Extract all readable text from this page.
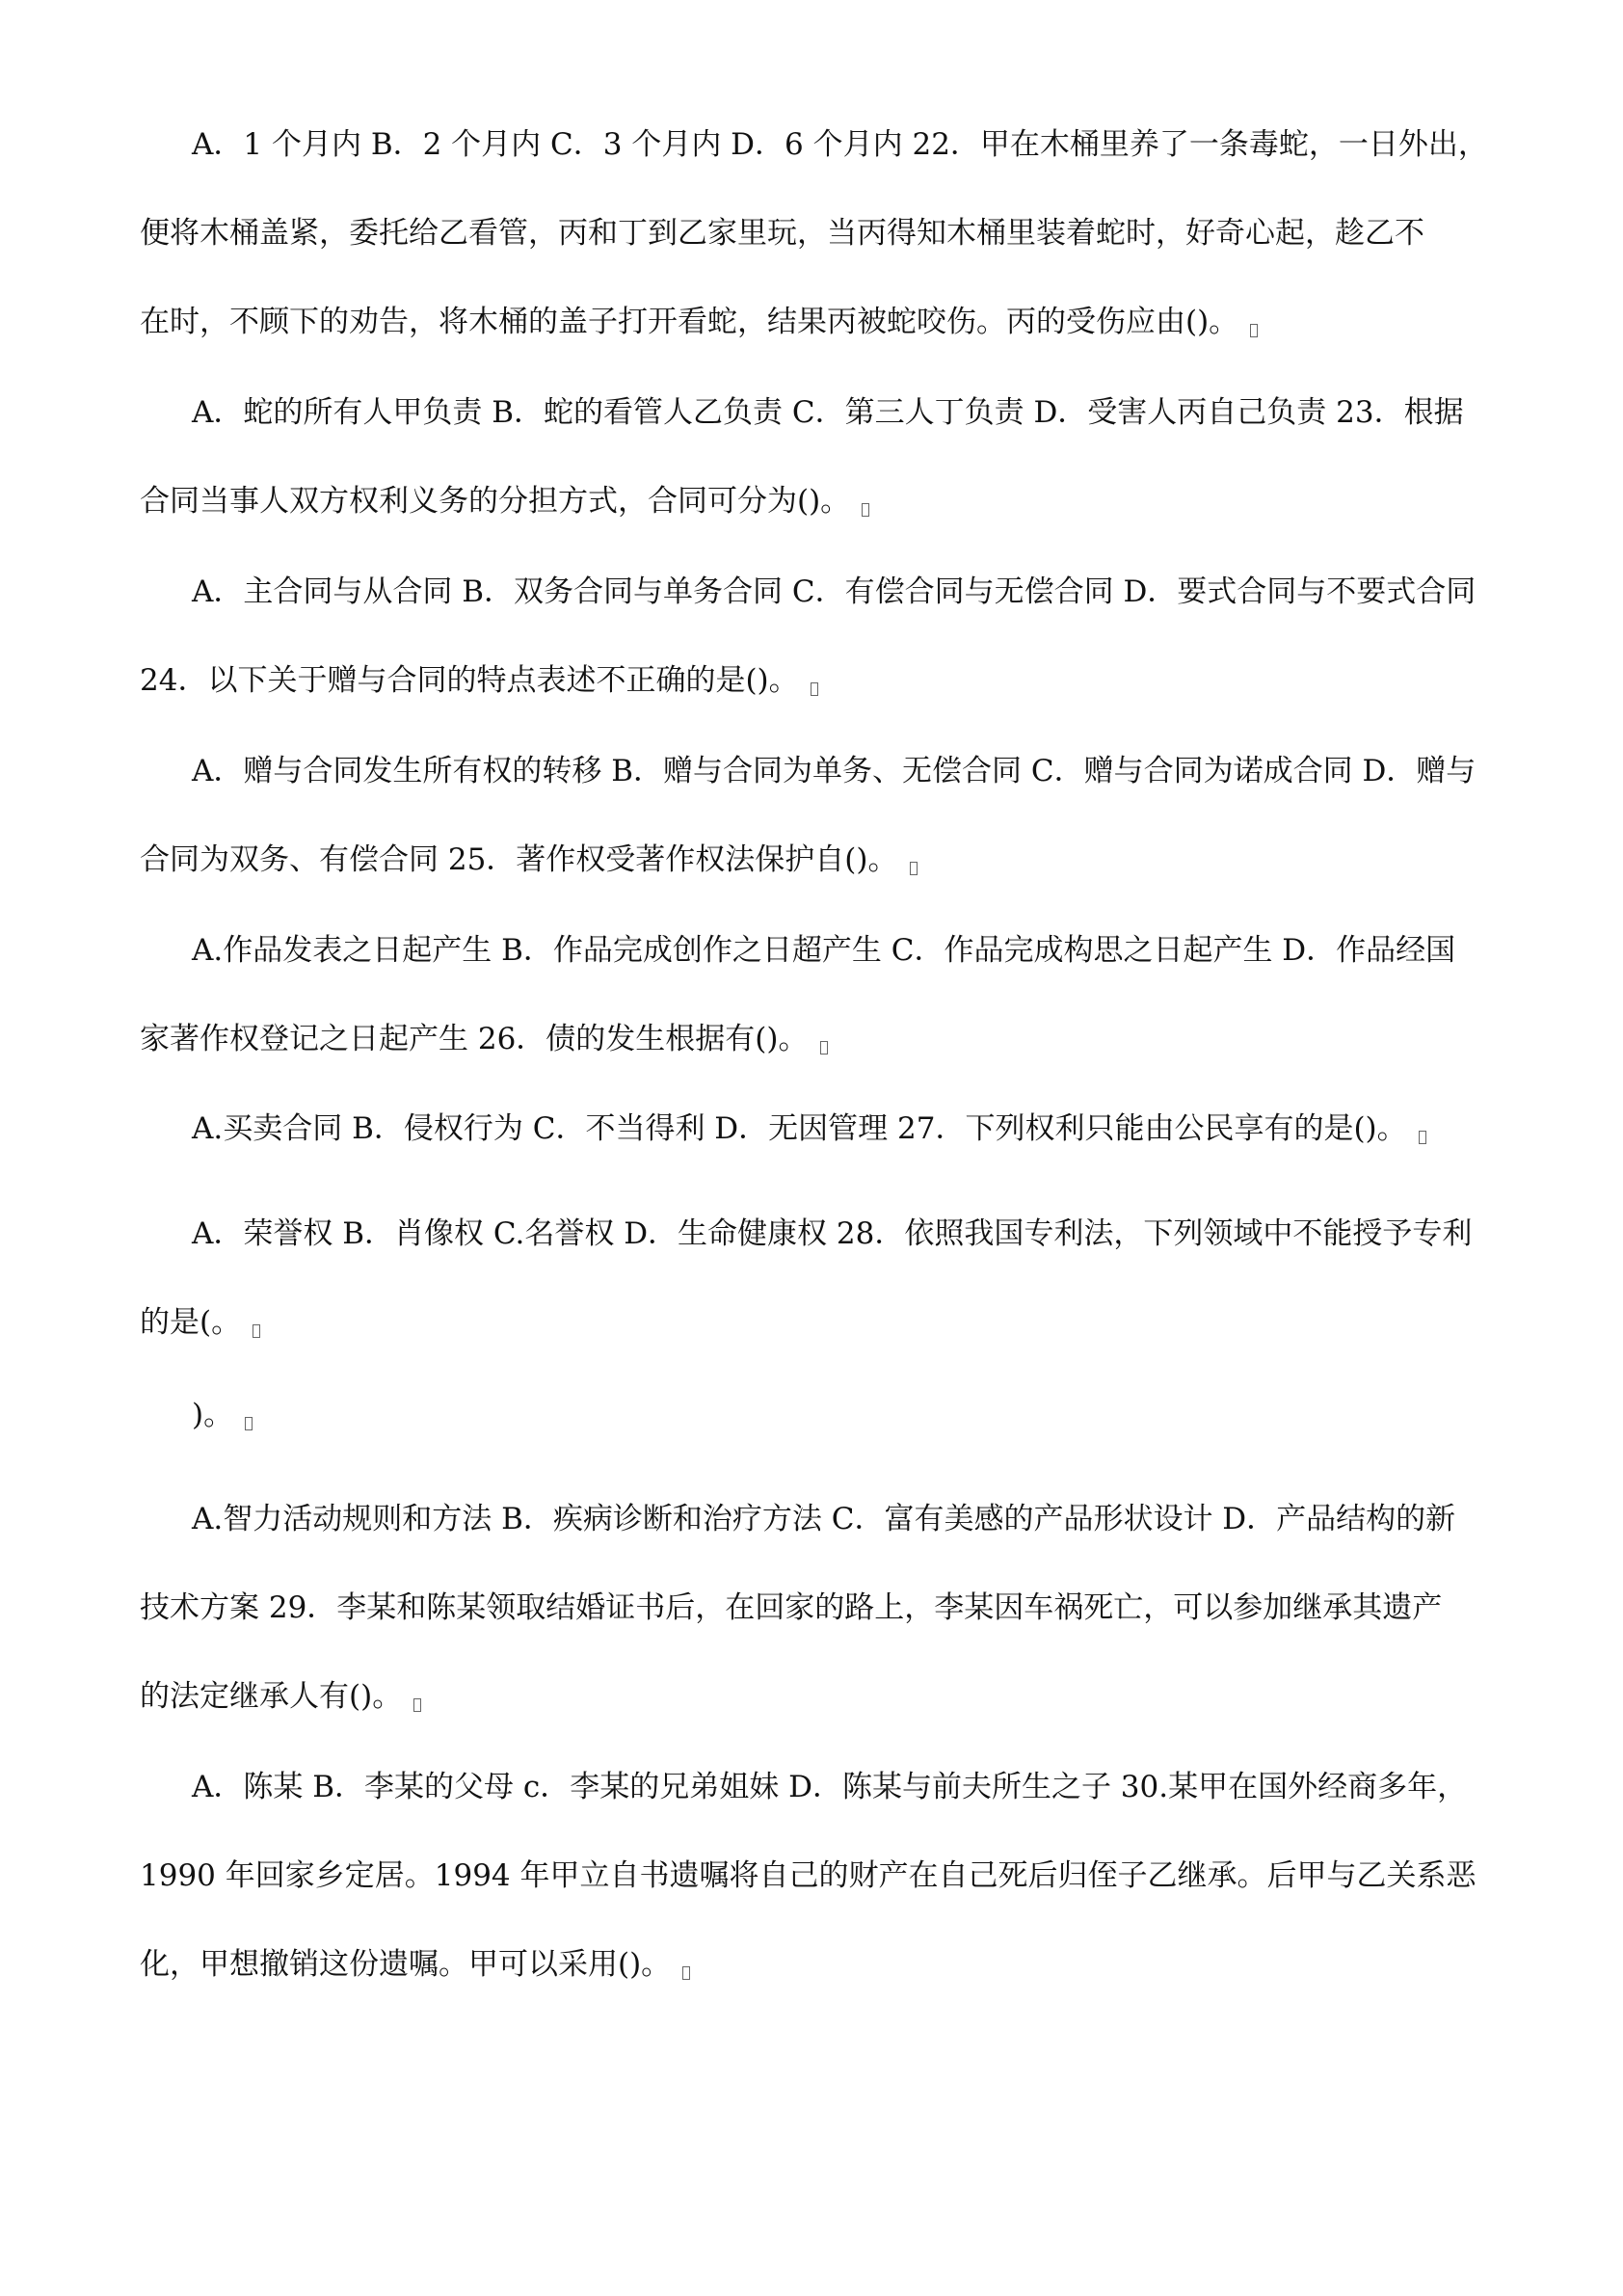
A．1 个月内 B．2 个月内 C．3 个月内 D．6 个月内 22．甲在木桶里养了一条毒蛇，一日外出，
便将木桶盖紧，委托给乙看管，丙和丁到乙家里玩，当丙得知木桶里装着蛇时，好奇心起，趁乙不
在时，不顾下的劝告，将木桶的盖子打开看蛇，结果丙被蛇咬伤。丙的受伤应由()。
A．蛇的所有人甲负责 B．蛇的看管人乙负责 C．第三人丁负责 D．受害人丙自己负责 23．根据
合同当事人双方权利义务的分担方式，合同可分为()。
A．主合同与从合同 B．双务合同与单务合同 C．有偿合同与无偿合同 D．要式合同与不要式合同
24．以下关于赠与合同的特点表述不正确的是()。
A．赠与合同发生所有权的转移 B．赠与合同为单务、无偿合同 C．赠与合同为诺成合同 D．赠与
合同为双务、有偿合同 25．著作权受著作权法保护自()。
A.作品发表之日起产生 B．作品完成创作之日超产生 C．作品完成构思之日起产生 D．作品经国
家著作权登记之日起产生 26．债的发生根据有()。
A.买卖合同 B．侵权行为 C．不当得利 D．无因管理 27．下列权利只能由公民享有的是()。
A．荣誉权 B．肖像权 C.名誉权 D．生命健康权 28．依照我国专利法，下列领域中不能授予专利
的是(。
)。
A.智力活动规则和方法 B．疾病诊断和治疗方法 C．富有美感的产品形状设计 D．产品结构的新
技术方案 29．李某和陈某领取结婚证书后，在回家的路上，李某因车祸死亡，可以参加继承其遗产
的法定继承人有()。
A．陈某 B．李某的父母 c．李某的兄弟姐妹 D．陈某与前夫所生之子 30.某甲在国外经商多年，
1990 年回家乡定居。1994 年甲立自书遗嘱将自己的财产在自己死后归侄子乙继承。后甲与乙关系恶
化，甲想撤销这份遗嘱。甲可以采用()。
